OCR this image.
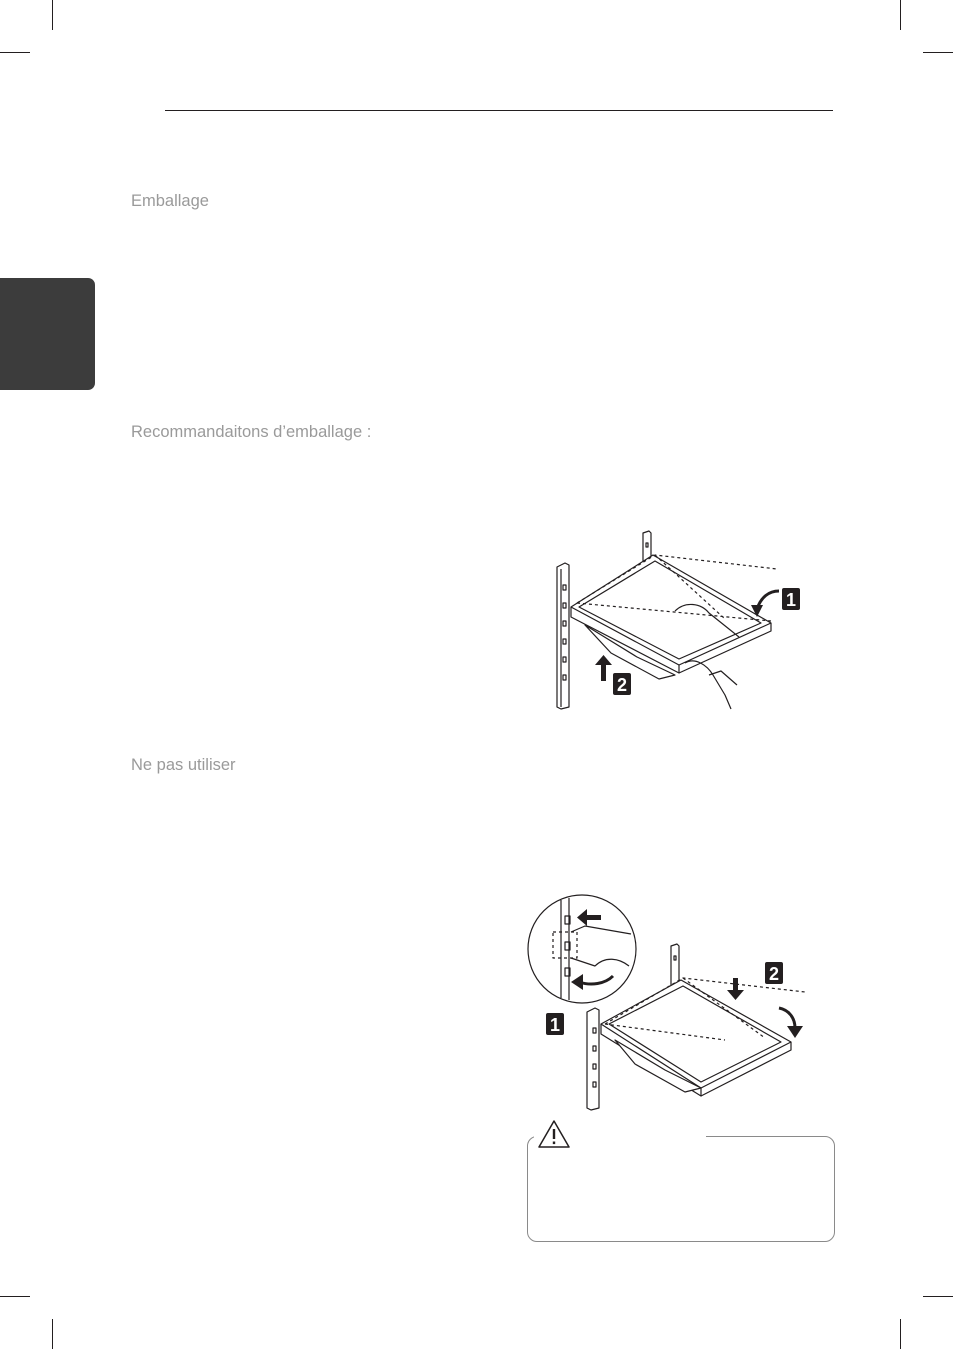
Emballage
Recommandaitons d’emballage :
Ne pas utiliser
1
2
2
1
